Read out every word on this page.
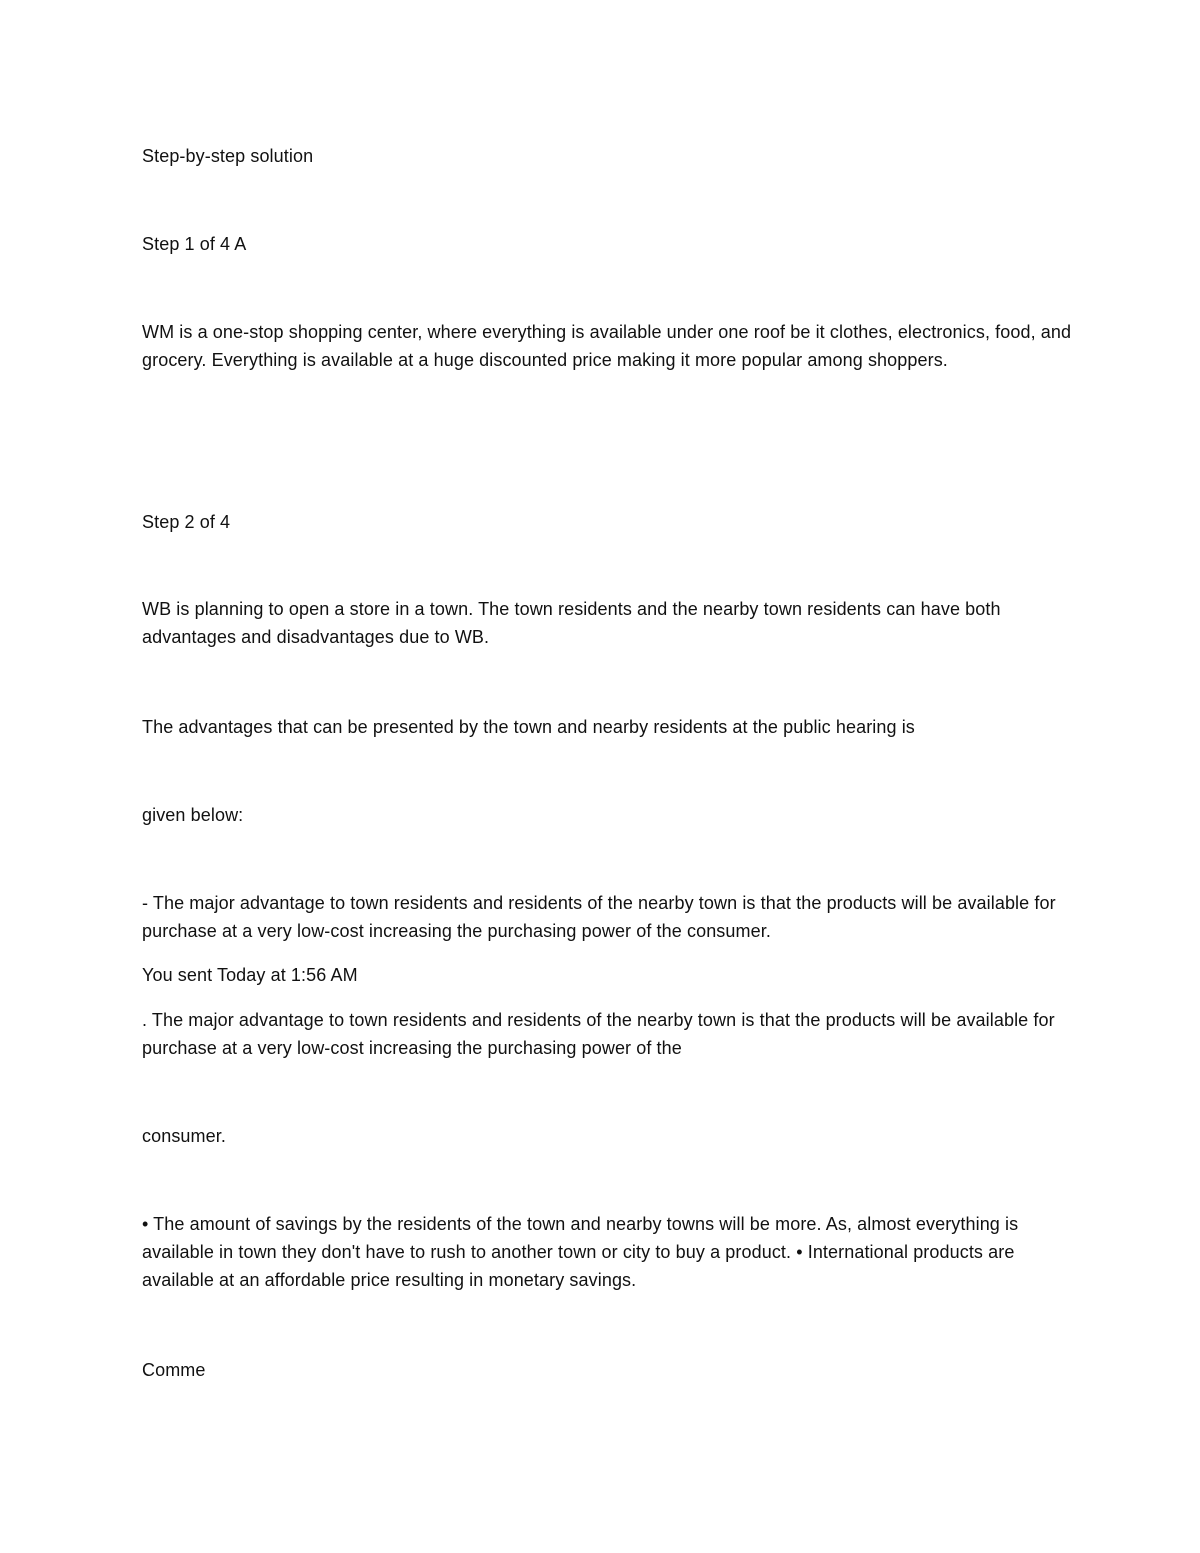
Step-by-step solution

Step 1 of 4 A

WM is a one-stop shopping center, where everything is available under one roof be it clothes, electronics, food, and grocery. Everything is available at a huge discounted price making it more popular among shoppers.

Step 2 of 4

WB is planning to open a store in a town. The town residents and the nearby town residents can have both advantages and disadvantages due to WB.

The advantages that can be presented by the town and nearby residents at the public hearing is

given below:

- The major advantage to town residents and residents of the nearby town is that the products will be available for purchase at a very low-cost increasing the purchasing power of the consumer.

You sent Today at 1:56 AM

. The major advantage to town residents and residents of the nearby town is that the products will be available for purchase at a very low-cost increasing the purchasing power of the

consumer.

• The amount of savings by the residents of the town and nearby towns will be more. As, almost everything is available in town they don't have to rush to another town or city to buy a product. • International products are available at an affordable price resulting in monetary savings.

Comme
